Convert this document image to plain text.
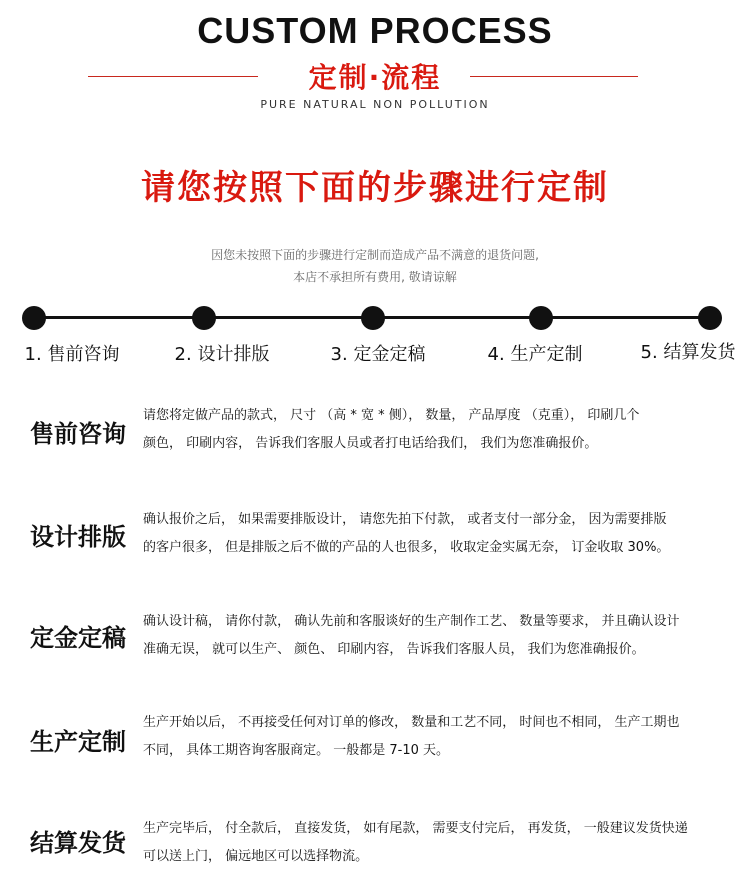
CUSTOM PROCESS
定制·流程
PURE NATURAL NON POLLUTION
请您按照下面的步骤进行定制
因您未按照下面的步骤进行定制而造成产品不满意的退货问题,
本店不承担所有费用, 敬请谅解
1. 售前咨询	2. 设计排版	3. 定金定稿	4. 生产定制	5. 结算发货
售前咨询
请您将定做产品的款式， 尺寸 （高 * 宽 * 侧）， 数量， 产品厚度 （克重）， 印刷几个
颜色， 印刷内容， 告诉我们客服人员或者打电话给我们， 我们为您准确报价。
设计排版
确认报价之后， 如果需要排版设计， 请您先拍下付款， 或者支付一部分金， 因为需要排版
的客户很多， 但是排版之后不做的产品的人也很多， 收取定金实属无奈， 订金收取 30%。
定金定稿
确认设计稿， 请你付款， 确认先前和客服谈好的生产制作工艺、 数量等要求， 并且确认设计
准确无误， 就可以生产、 颜色、 印刷内容， 告诉我们客服人员， 我们为您准确报价。
生产定制
生产开始以后， 不再接受任何对订单的修改， 数量和工艺不同， 时间也不相同， 生产工期也
不同， 具体工期咨询客服商定。 一般都是 7-10 天。
结算发货
生产完毕后， 付全款后， 直接发货， 如有尾款， 需要支付完后， 再发货， 一般建议发货快递
可以送上门， 偏远地区可以选择物流。
